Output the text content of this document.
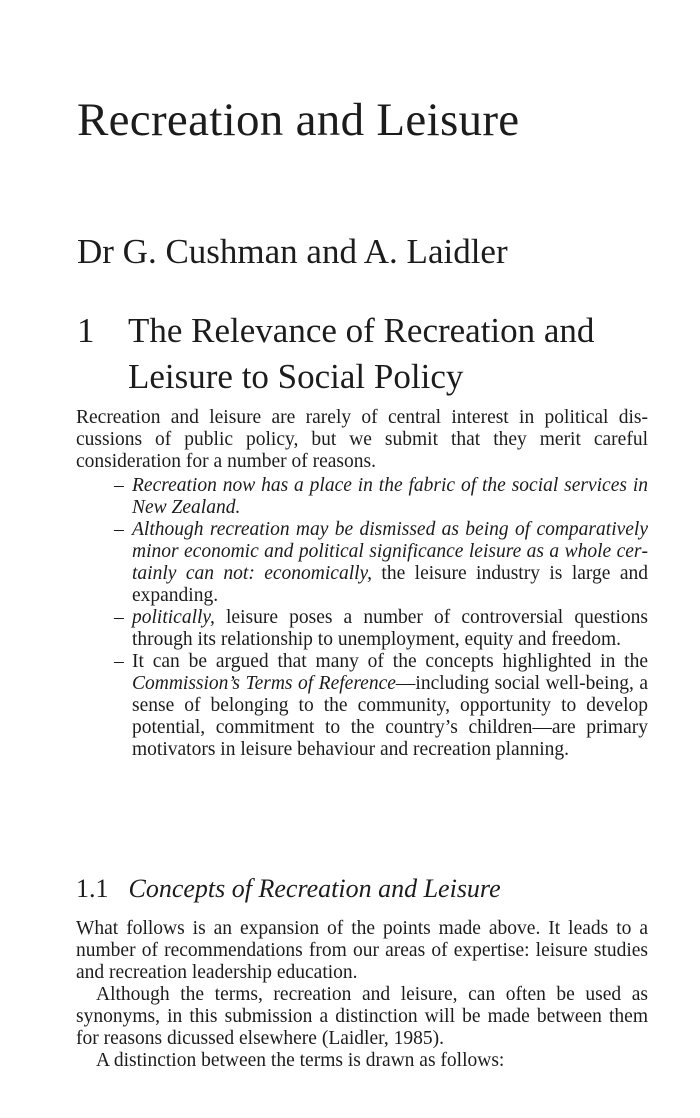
Recreation and Leisure
Dr G. Cushman and A. Laidler
1 The Relevance of Recreation and Leisure to Social Policy

Recreation and leisure are rarely of central interest in political discussions of public policy, but we submit that they merit careful consideration for a number of reasons.

– Recreation now has a place in the fabric of the social services in New Zealand.
– Although recreation may be dismissed as being of comparatively minor economic and political significance leisure as a whole certainly can not: economically, the leisure industry is large and expanding.
– politically, leisure poses a number of controversial questions through its relationship to unemployment, equity and freedom.
– It can be argued that many of the concepts highlighted in the Commission’s Terms of Reference—including social well-being, a sense of belonging to the community, opportunity to develop potential, commitment to the country’s children—are primary motivators in leisure behaviour and recreation planning.
1.1 Concepts of Recreation and Leisure

What follows is an expansion of the points made above. It leads to a number of recommendations from our areas of expertise: leisure studies and recreation leadership education.

Although the terms, recreation and leisure, can often be used as synonyms, in this submission a distinction will be made between them for reasons dicussed elsewhere (Laidler, 1985).

A distinction between the terms is drawn as follows:
